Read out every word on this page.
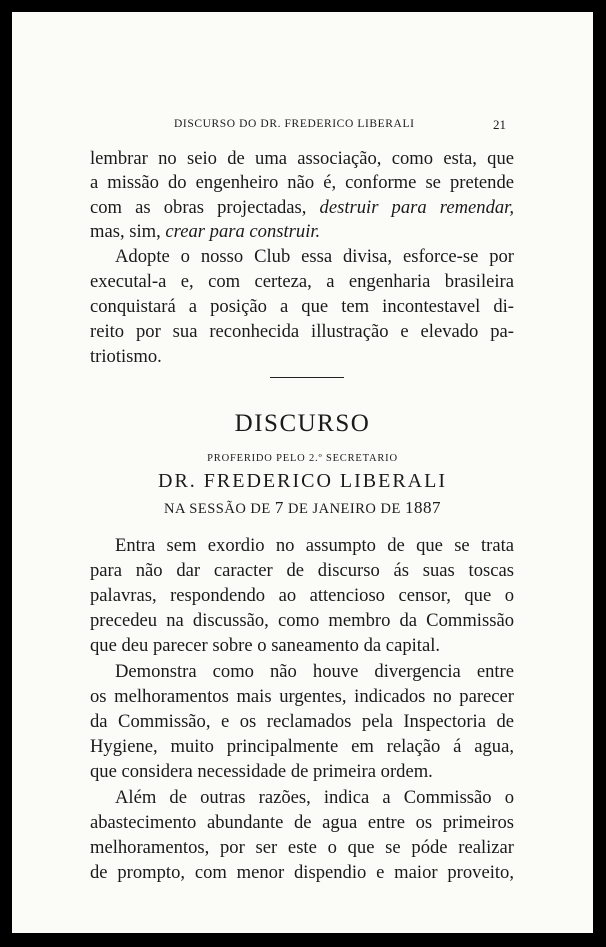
DISCURSO DO DR. FREDERICO LIBERALI	21
lembrar no seio de uma associação, como esta, que
a missão do engenheiro não é, conforme se pretende
com as obras projectadas, destruir para remendar,
mas, sim, crear para construir.
Adopte o nosso Club essa divisa, esforce-se por
executal-a e, com certeza, a engenharia brasileira
conquistará a posição a que tem incontestavel di-
reito por sua reconhecida illustração e elevado pa-
triotismo.
DISCURSO
PROFERIDO PELO 2.º SECRETARIO
DR. FREDERICO LIBERALI
NA SESSÃO DE 7 DE JANEIRO DE 1887
Entra sem exordio no assumpto de que se trata
para não dar caracter de discurso ás suas toscas
palavras, respondendo ao attencioso censor, que o
precedeu na discussão, como membro da Commissão
que deu parecer sobre o saneamento da capital.
Demonstra como não houve divergencia entre
os melhoramentos mais urgentes, indicados no parecer
da Commissão, e os reclamados pela Inspectoria de
Hygiene, muito principalmente em relação á agua,
que considera necessidade de primeira ordem.
Além de outras razões, indica a Commissão o
abastecimento abundante de agua entre os primeiros
melhoramentos, por ser este o que se póde realizar
de prompto, com menor dispendio e maior proveito,
